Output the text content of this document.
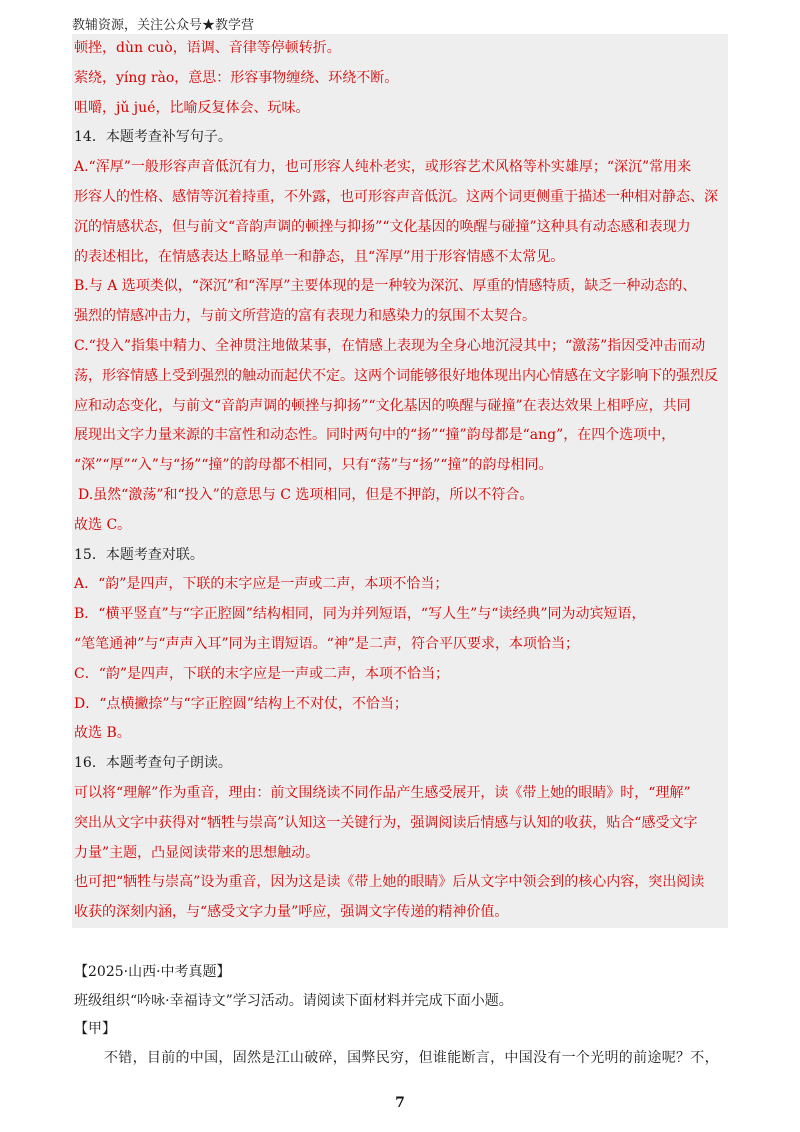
教辅资源，关注公众号★教学营
顿挫，dùn cuò，语调、音律等停顿转折。
萦绕，yíng rào，意思：形容事物缠绕、环绕不断。
咀嚼，jǔ jué，比喻反复体会、玩味。
14．本题考查补写句子。
A.“浑厚”一般形容声音低沉有力，也可形容人纯朴老实，或形容艺术风格等朴实雄厚；“深沉”常用来
形容人的性格、感情等沉着持重，不外露，也可形容声音低沉。这两个词更侧重于描述一种相对静态、深
沉的情感状态，但与前文“音韵声调的顿挫与抑扬”“文化基因的唤醒与碰撞”这种具有动态感和表现力
的表述相比，在情感表达上略显单一和静态，且“浑厚”用于形容情感不太常见。
B.与 A 选项类似，“深沉”和“浑厚”主要体现的是一种较为深沉、厚重的情感特质，缺乏一种动态的、
强烈的情感冲击力，与前文所营造的富有表现力和感染力的氛围不太契合。
C.“投入”指集中精力、全神贯注地做某事，在情感上表现为全身心地沉浸其中；“激荡”指因受冲击而动
荡，形容情感上受到强烈的触动而起伏不定。这两个词能够很好地体现出内心情感在文字影响下的强烈反
应和动态变化，与前文“音韵声调的顿挫与抑扬”“文化基因的唤醒与碰撞”在表达效果上相呼应，共同
展现出文字力量来源的丰富性和动态性。同时两句中的“扬”“撞”韵母都是“ang”，在四个选项中，
“深”“厚”“入”与“扬”“撞”的韵母都不相同，只有“荡”与“扬”“撞”的韵母相同。
D.虽然“激荡”和“投入”的意思与 C 选项相同，但是不押韵，所以不符合。
故选 C。
15．本题考查对联。
A．“韵”是四声，下联的末字应是一声或二声，本项不恰当；
B．“横平竖直”与“字正腔圆”结构相同，同为并列短语，“写人生”与“读经典”同为动宾短语，
“笔笔通神”与“声声入耳”同为主谓短语。“神”是二声，符合平仄要求，本项恰当；
C．“韵”是四声，下联的末字应是一声或二声，本项不恰当；
D．“点横撇捺”与“字正腔圆”结构上不对仗，不恰当；
故选 B。
16．本题考查句子朗读。
可以将“理解”作为重音，理由：前文围绕读不同作品产生感受展开，读《带上她的眼睛》时，“理解”
突出从文字中获得对“牺牲与崇高”认知这一关键行为，强调阅读后情感与认知的收获，贴合“感受文字
力量”主题，凸显阅读带来的思想触动。
也可把“牺牲与崇高”设为重音，因为这是读《带上她的眼睛》后从文字中领会到的核心内容，突出阅读
收获的深刻内涵，与“感受文字力量”呼应，强调文字传递的精神价值。
【2025·山西·中考真题】
班级组织“吟咏·幸福诗文”学习活动。请阅读下面材料并完成下面小题。
【甲】
不错，目前的中国，固然是江山破碎，国弊民穷，但谁能断言，中国没有一个光明的前途呢？不，
7
